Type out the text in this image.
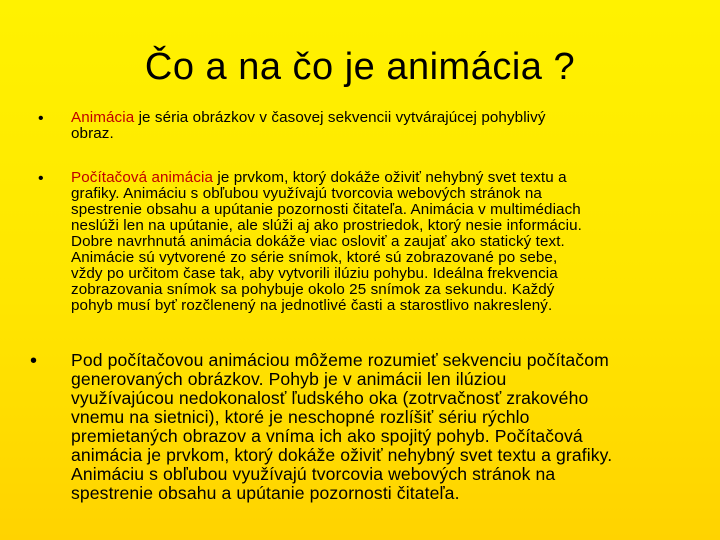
Čo a na čo je animácia ?
• Animácia je séria obrázkov v časovej sekvencii vytvárajúcej pohyblivý
obraz.
• Počítačová animácia je prvkom, ktorý dokáže oživiť nehybný svet textu a
grafiky. Animáciu s obľubou využívajú tvorcovia webových stránok na
spestrenie obsahu a upútanie pozornosti čitateľa. Animácia v multimédiach
neslúži len na upútanie, ale slúži aj ako prostriedok, ktorý nesie informáciu.
Dobre navrhnutá animácia dokáže viac osloviť a zaujať ako statický text.
Animácie sú vytvorené zo série snímok, ktoré sú zobrazované po sebe,
vždy po určitom čase tak, aby vytvorili ilúziu pohybu. Ideálna frekvencia
zobrazovania snímok sa pohybuje okolo 25 snímok za sekundu. Každý
pohyb musí byť rozčlenený na jednotlivé časti a starostlivo nakreslený.
• Pod počítačovou animáciou môžeme rozumieť sekvenciu počítačom
generovaných obrázkov. Pohyb je v animácii len ilúziou
využívajúcou nedokonalosť ľudského oka (zotrvačnosť zrakového
vnemu na sietnici), ktoré je neschopné rozlíšiť sériu rýchlo
premietaných obrazov a vníma ich ako spojitý pohyb. Počítačová
animácia je prvkom, ktorý dokáže oživiť nehybný svet textu a grafiky.
Animáciu s obľubou využívajú tvorcovia webových stránok na
spestrenie obsahu a upútanie pozornosti čitateľa.
